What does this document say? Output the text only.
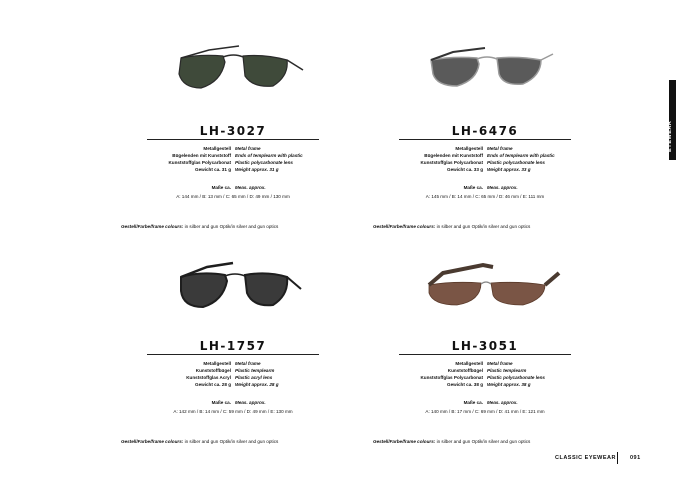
EYEWEAR
LH-3027
Metallgestell Metal frame
Bügelenden mit Kunststoff Ends of templearm with plastic
Kunststoffglas Polycarbonat Plastic polycarbonate lens
Gewicht ca. 31 g Weight approx. 31 g
Maße ca. Meas. approx.
A: 144 mm / B: 13 mm / C: 65 mm / D: 49 mm / 130 mm
Gestell/Farbe/frame colours: in silber and gun Optik/in silver and gun optics
LH-6476
Metallgestell Metal frame
Bügelenden mit Kunststoff Ends of templearm with plastic
Kunststoffglas Polycarbonat Plastic polycarbonate lens
Gewicht ca. 33 g Weight approx. 33 g
Maße ca. Meas. approx.
A: 145 mm / B: 14 mm / C: 65 mm / D: 46 mm / E: 111 mm
Gestell/Farbe/frame colours: in silber and gun Optik/in silver and gun optics
LH-1757
Metallgestell Metal frame
Kunststoffbügel Plastic templearm
Kunststoffglas Acryl Plastic acryl lens
Gewicht ca. 28 g Weight approx. 28 g
Maße ca. Meas. approx.
A: 142 mm / B: 14 mm / C: 59 mm / D: 49 mm / E: 130 mm
Gestell/Farbe/frame colours: in silber and gun Optik/in silver and gun optics
LH-3051
Metallgestell Metal frame
Kunststoffbügel Plastic templearm
Kunststoffglas Polycarbonat Plastic polycarbonate lens
Gewicht ca. 38 g Weight approx. 38 g
Maße ca. Meas. approx.
A: 140 mm / B: 17 mm / C: 69 mm / D: 41 mm / E: 121 mm
Gestell/Farbe/frame colours: in silber and gun Optik/in silver and gun optics
CLASSIC EYEWEAR	091
